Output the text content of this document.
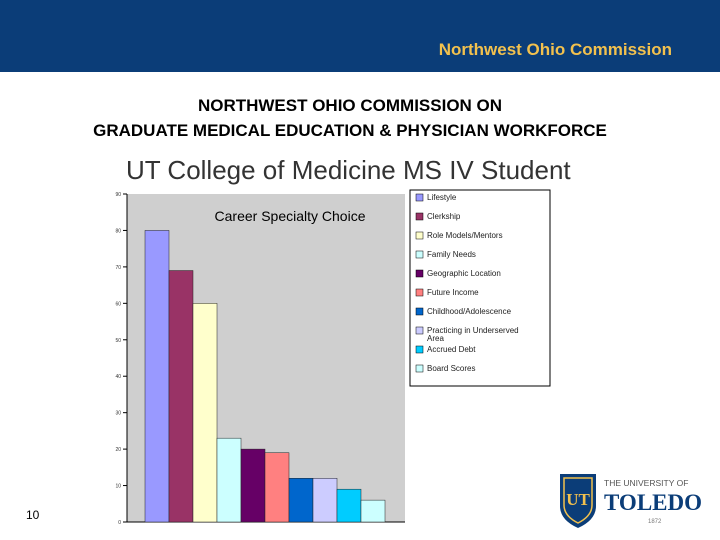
Northwest Ohio Commission
NORTHWEST OHIO COMMISSION ON
GRADUATE MEDICAL EDUCATION & PHYSICIAN WORKFORCE
UT College of Medicine MS IV Student
0
10
20
30
40
50
60
70
80
90
Career Specialty Choice
Lifestyle
Clerkship
Role Models/Mentors
Family Needs
Geographic Location
Future Income
Childhood/Adolescence
Practicing in Underserved Area
Accrued Debt
Board Scores
10
UT
THE UNIVERSITY OF
TOLEDO
1872
